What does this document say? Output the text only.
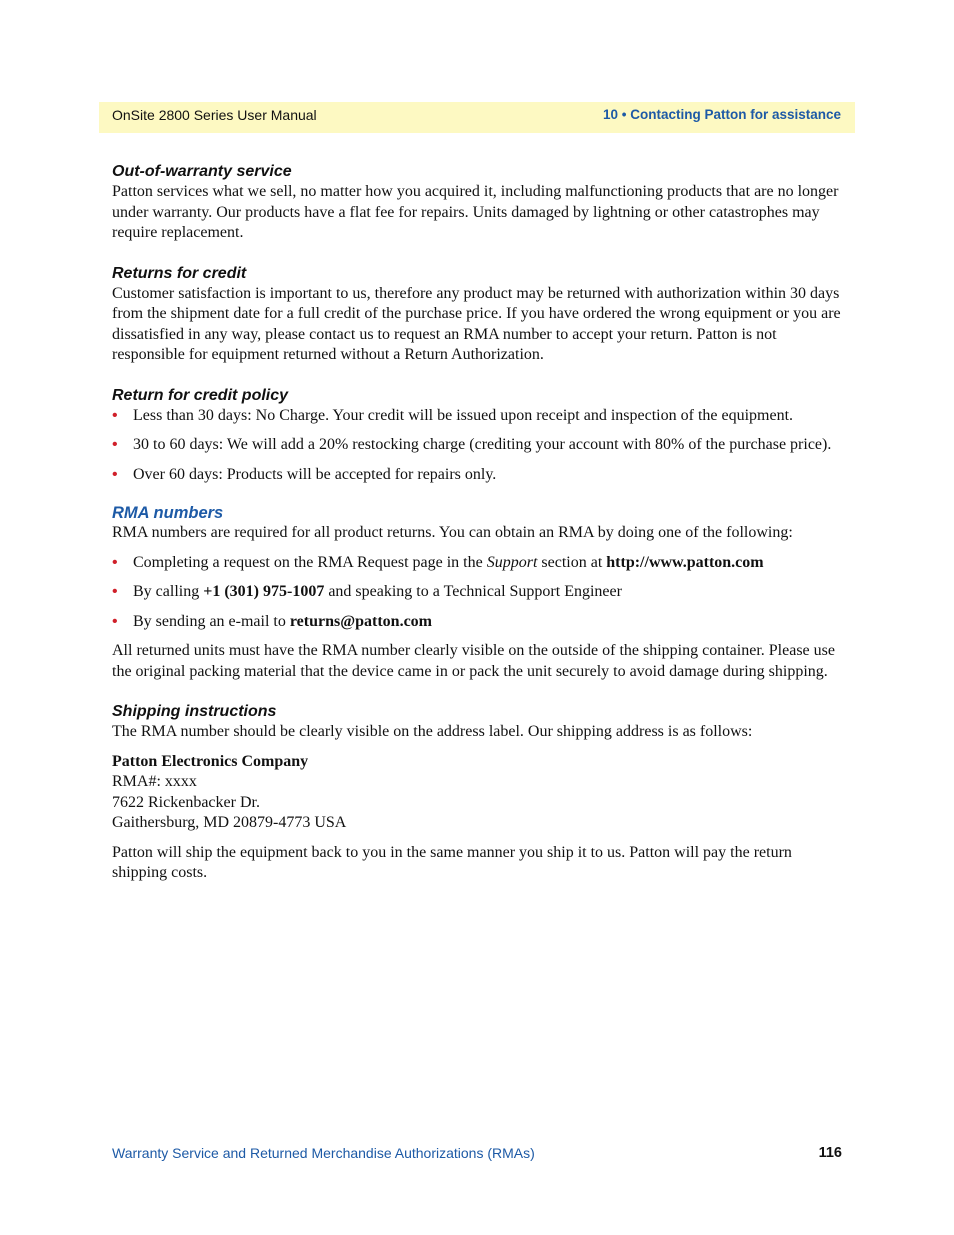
OnSite 2800 Series User Manual	10 • Contacting Patton for assistance
Out-of-warranty service

Patton services what we sell, no matter how you acquired it, including malfunctioning products that are no longer under warranty. Our products have a flat fee for repairs. Units damaged by lightning or other catastrophes may require replacement.

Returns for credit

Customer satisfaction is important to us, therefore any product may be returned with authorization within 30 days from the shipment date for a full credit of the purchase price. If you have ordered the wrong equipment or you are dissatisfied in any way, please contact us to request an RMA number to accept your return. Patton is not responsible for equipment returned without a Return Authorization.

Return for credit policy
• Less than 30 days: No Charge. Your credit will be issued upon receipt and inspection of the equipment.
• 30 to 60 days: We will add a 20% restocking charge (crediting your account with 80% of the purchase price).
• Over 60 days: Products will be accepted for repairs only.
RMA numbers

RMA numbers are required for all product returns. You can obtain an RMA by doing one of the following:

• Completing a request on the RMA Request page in the Support section at http://www.patton.com
• By calling +1 (301) 975-1007 and speaking to a Technical Support Engineer
• By sending an e-mail to returns@patton.com

All returned units must have the RMA number clearly visible on the outside of the shipping container. Please use the original packing material that the device came in or pack the unit securely to avoid damage during shipping.

Shipping instructions

The RMA number should be clearly visible on the address label. Our shipping address is as follows:

Patton Electronics Company

RMA#: xxxx

7622 Rickenbacker Dr.

Gaithersburg, MD 20879-4773 USA

Patton will ship the equipment back to you in the same manner you ship it to us. Patton will pay the return shipping costs.

Warranty Service and Returned Merchandise Authorizations (RMAs)	116
